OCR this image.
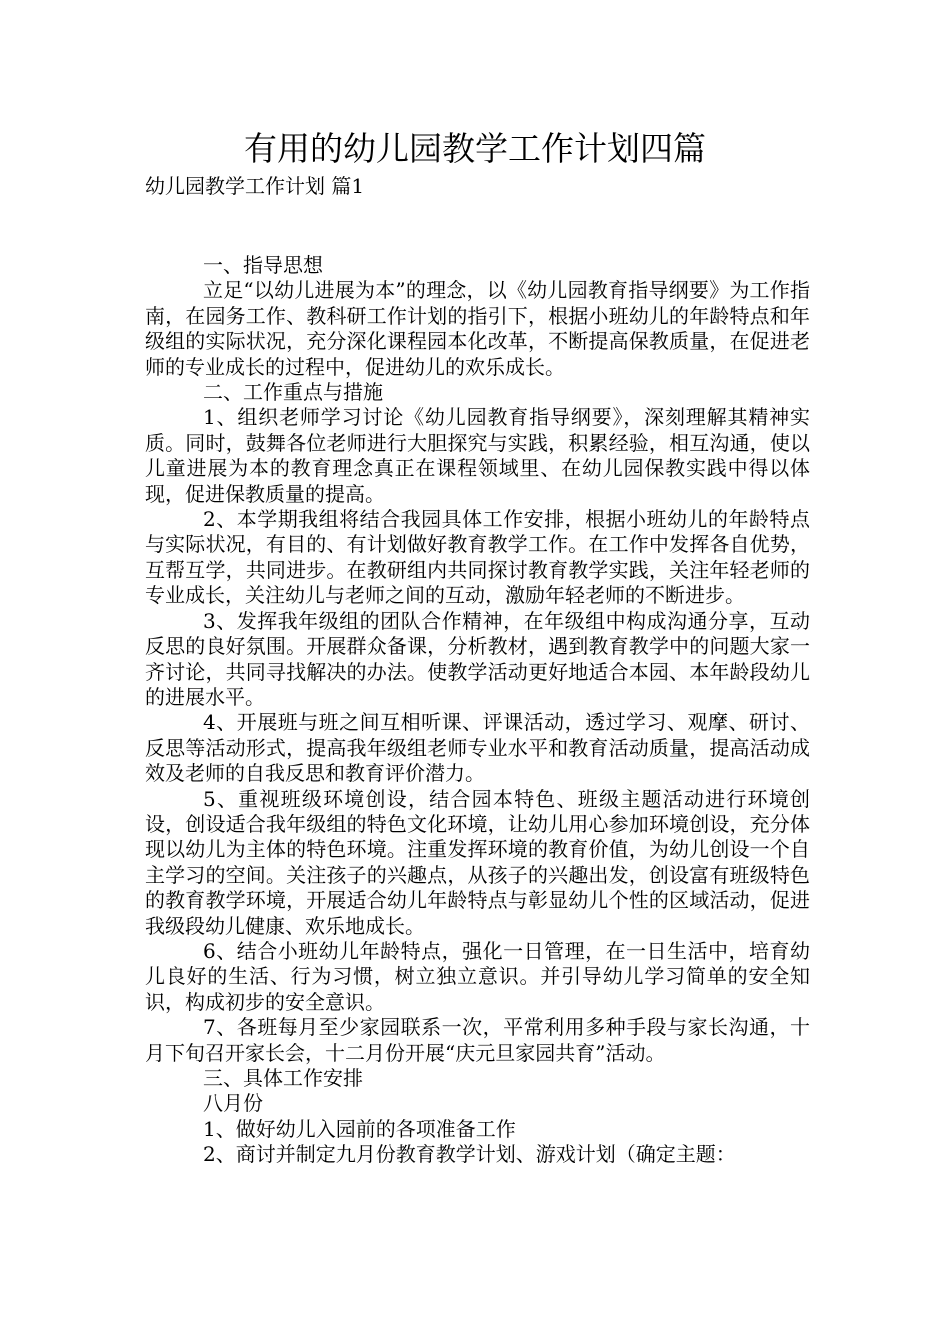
有用的幼儿园教学工作计划四篇
幼儿园教学工作计划 篇1

一、指导思想

立足“以幼儿进展为本”的理念，以《幼儿园教育指导纲要》为工作指南，在园务工作、教科研工作计划的指引下，根据小班幼儿的年龄特点和年级组的实际状况，充分深化课程园本化改革，不断提高保教质量，在促进老师的专业成长的过程中，促进幼儿的欢乐成长。

二、工作重点与措施

1、组织老师学习讨论《幼儿园教育指导纲要》，深刻理解其精神实质。同时，鼓舞各位老师进行大胆探究与实践，积累经验，相互沟通，使以儿童进展为本的教育理念真正在课程领域里、在幼儿园保教实践中得以体现，促进保教质量的提高。

2、本学期我组将结合我园具体工作安排，根据小班幼儿的年龄特点与实际状况，有目的、有计划做好教育教学工作。在工作中发挥各自优势，互帮互学，共同进步。在教研组内共同探讨教育教学实践，关注年轻老师的专业成长，关注幼儿与老师之间的互动，激励年轻老师的不断进步。

3、发挥我年级组的团队合作精神，在年级组中构成沟通分享，互动反思的良好氛围。开展群众备课，分析教材，遇到教育教学中的问题大家一齐讨论，共同寻找解决的办法。使教学活动更好地适合本园、本年龄段幼儿的进展水平。

4、开展班与班之间互相听课、评课活动，透过学习、观摩、研讨、反思等活动形式，提高我年级组老师专业水平和教育活动质量，提高活动成效及老师的自我反思和教育评价潜力。

5、重视班级环境创设，结合园本特色、班级主题活动进行环境创设，创设适合我年级组的特色文化环境，让幼儿用心参加环境创设，充分体现以幼儿为主体的特色环境。注重发挥环境的教育价值，为幼儿创设一个自主学习的空间。关注孩子的兴趣点，从孩子的兴趣出发，创设富有班级特色的教育教学环境，开展适合幼儿年龄特点与彰显幼儿个性的区域活动，促进我级段幼儿健康、欢乐地成长。

6、结合小班幼儿年龄特点，强化一日管理，在一日生活中，培育幼儿良好的生活、行为习惯，树立独立意识。并引导幼儿学习简单的安全知识，构成初步的安全意识。

7、各班每月至少家园联系一次，平常利用多种手段与家长沟通，十月下旬召开家长会，十二月份开展“庆元旦家园共育”活动。

三、具体工作安排

八月份

1、做好幼儿入园前的各项准备工作

2、商讨并制定九月份教育教学计划、游戏计划（确定主题：
